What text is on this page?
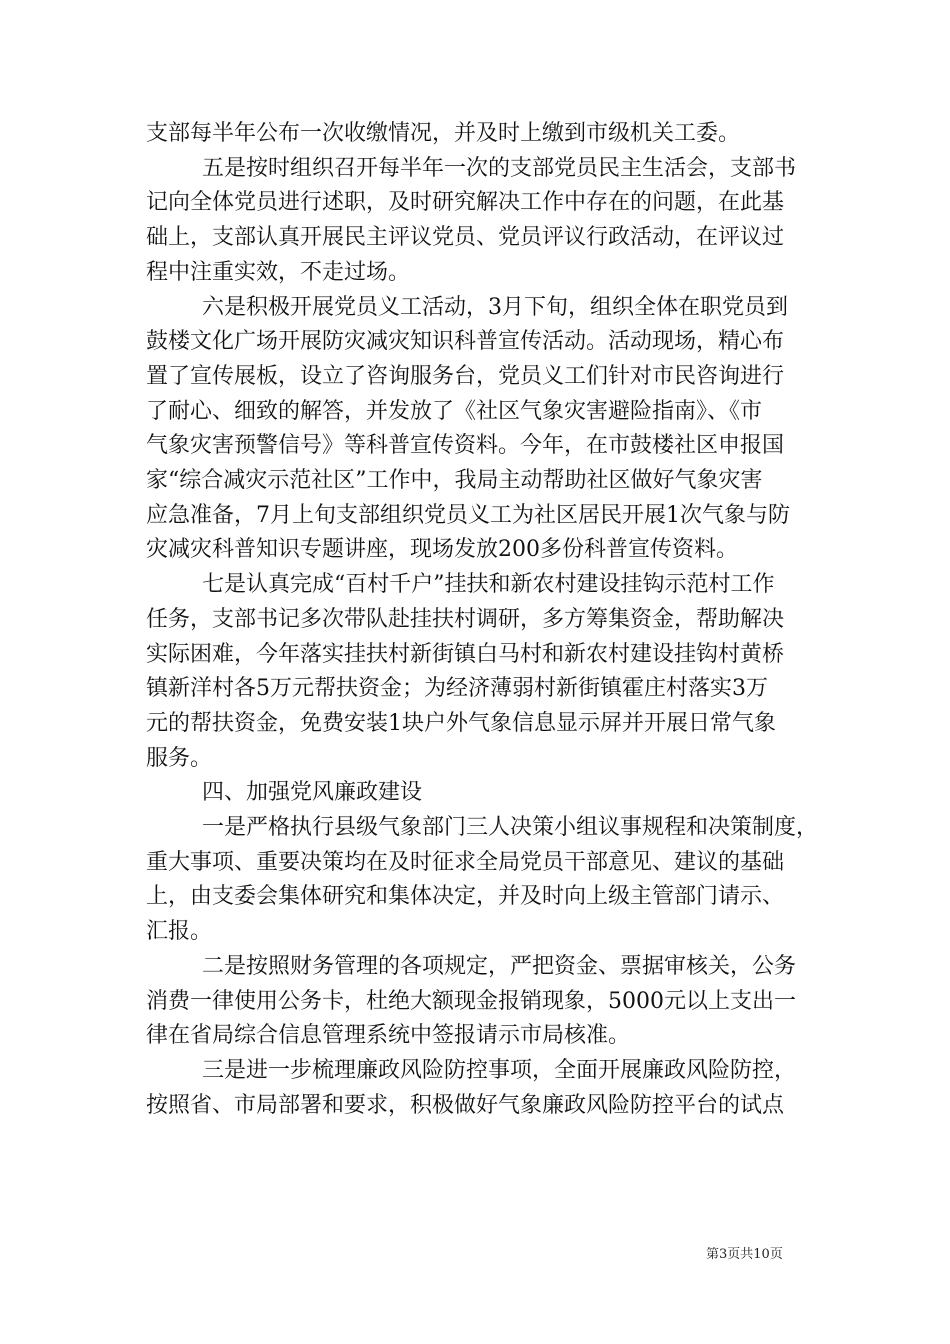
支部每半年公布一次收缴情况，并及时上缴到市级机关工委。
五是按时组织召开每半年一次的支部党员民主生活会，支部书
记向全体党员进行述职，及时研究解决工作中存在的问题，在此基
础上，支部认真开展民主评议党员、党员评议行政活动，在评议过
程中注重实效，不走过场。
六是积极开展党员义工活动，3月下旬，组织全体在职党员到
鼓楼文化广场开展防灾减灾知识科普宣传活动。活动现场，精心布
置了宣传展板，设立了咨询服务台，党员义工们针对市民咨询进行
了耐心、细致的解答，并发放了《社区气象灾害避险指南》、《市
气象灾害预警信号》等科普宣传资料。今年，在市鼓楼社区申报国
家“综合减灾示范社区”工作中，我局主动帮助社区做好气象灾害
应急准备，7月上旬支部组织党员义工为社区居民开展1次气象与防
灾减灾科普知识专题讲座，现场发放200多份科普宣传资料。
七是认真完成“百村千户”挂扶和新农村建设挂钩示范村工作
任务，支部书记多次带队赴挂扶村调研，多方筹集资金，帮助解决
实际困难，今年落实挂扶村新街镇白马村和新农村建设挂钩村黄桥
镇新洋村各5万元帮扶资金；为经济薄弱村新街镇霍庄村落实3万
元的帮扶资金，免费安装1块户外气象信息显示屏并开展日常气象
服务。
四、加强党风廉政建设
一是严格执行县级气象部门三人决策小组议事规程和决策制度，
重大事项、重要决策均在及时征求全局党员干部意见、建议的基础
上，由支委会集体研究和集体决定，并及时向上级主管部门请示、
汇报。
二是按照财务管理的各项规定，严把资金、票据审核关，公务
消费一律使用公务卡，杜绝大额现金报销现象，5000元以上支出一
律在省局综合信息管理系统中签报请示市局核准。
三是进一步梳理廉政风险防控事项，全面开展廉政风险防控，
按照省、市局部署和要求，积极做好气象廉政风险防控平台的试点
第3页共10页
